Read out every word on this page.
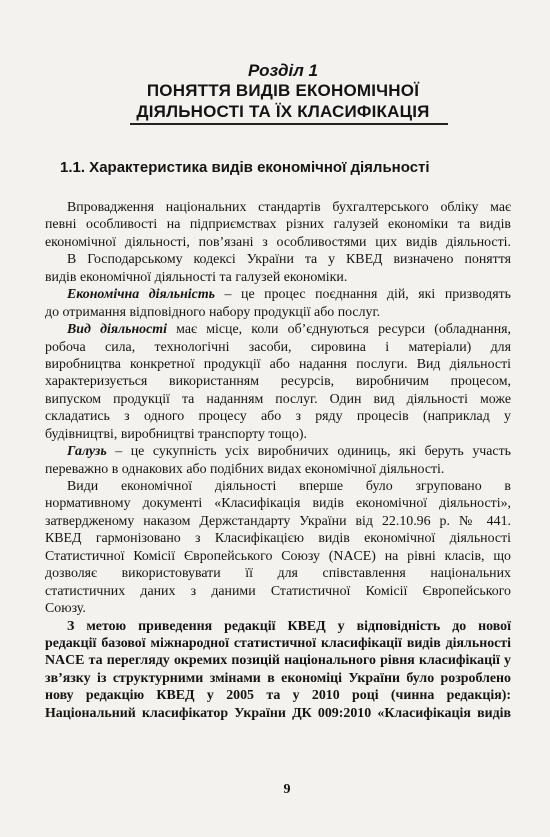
Розділ 1
ПОНЯТТЯ ВИДІВ ЕКОНОМІЧНОЇ
ДІЯЛЬНОСТІ ТА ЇХ КЛАСИФІКАЦІЯ
1.1. Характеристика видів економічної діяльності
Впровадження національних стандартів бухгалтерського обліку має
певні особливості на підприємствах різних галузей економіки та видів
економічної діяльності, пов’язані з особливостями цих видів діяльності.
В Господарському кодексі України та у КВЕД визначено поняття
видів економічної діяльності та галузей економіки.
Економічна діяльність – це процес поєднання дій, які призводять
до отримання відповідного набору продукції або послуг.
Вид діяльності має місце, коли об’єднуються ресурси (обладнання,
робоча сила, технологічні засоби, сировина і матеріали) для
виробництва конкретної продукції або надання послуги. Вид діяльності
характеризується використанням ресурсів, виробничим процесом,
випуском продукції та наданням послуг. Один вид діяльності може
складатись з одного процесу або з ряду процесів (наприклад у
будівництві, виробництві транспорту тощо).
Галузь – це сукупність усіх виробничих одиниць, які беруть участь
переважно в однакових або подібних видах економічної діяльності.
Види економічної діяльності вперше було згруповано в
нормативному документі «Класифікація видів економічної діяльності»,
затвердженому наказом Держстандарту України від 22.10.96 р. № 441.
КВЕД гармонізовано з Класифікацією видів економічної діяльності
Статистичної Комісії Європейського Союзу (NACE) на рівні класів, що
дозволяє використовувати її для співставлення національних
статистичних даних з даними Статистичної Комісії Європейського
Союзу.
З метою приведення редакції КВЕД у відповідність до нової
редакції базової міжнародної статистичної класифікації видів діяльності
NACE та перегляду окремих позицій національного рівня класифікації у
зв’язку із структурними змінами в економіці України було розроблено
нову редакцію КВЕД у 2005 та у 2010 році (чинна редакція):
Національний класифікатор України ДК 009:2010 «Класифікація видів
9
